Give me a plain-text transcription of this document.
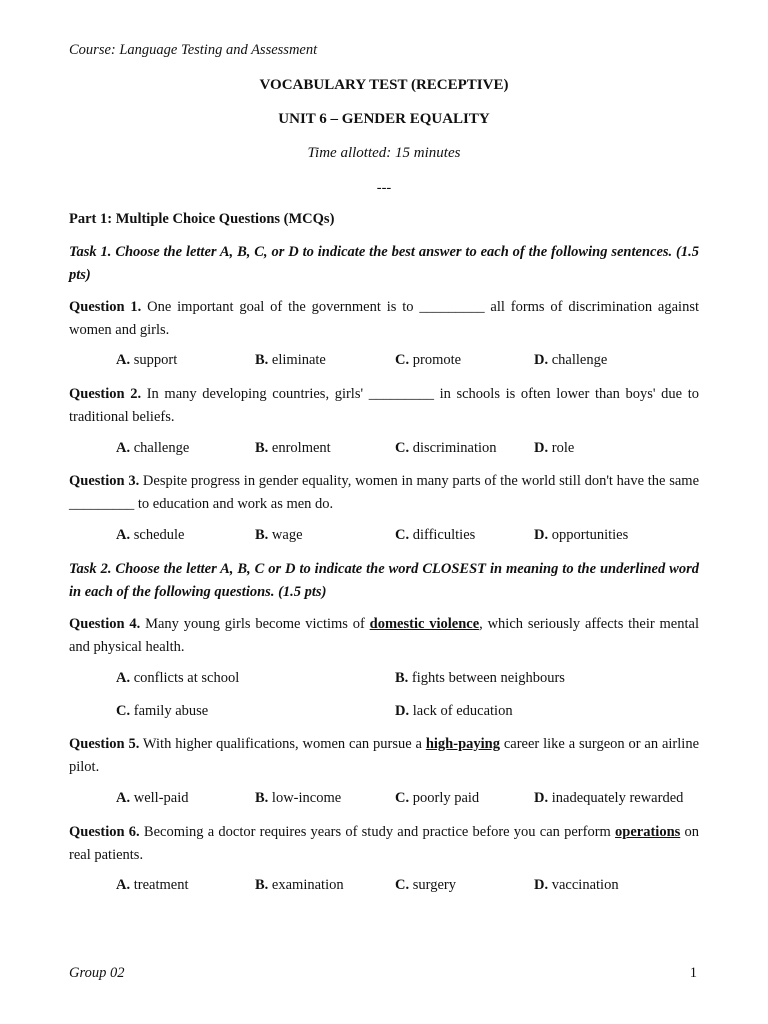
Course: Language Testing and Assessment
VOCABULARY TEST (RECEPTIVE)
UNIT 6 – GENDER EQUALITY
Time allotted: 15 minutes
---
Part 1: Multiple Choice Questions (MCQs)
Task 1. Choose the letter A, B, C, or D to indicate the best answer to each of the following sentences. (1.5 pts)
Question 1. One important goal of the government is to _________ all forms of discrimination against women and girls.
A. support	B. eliminate	C. promote	D. challenge
Question 2. In many developing countries, girls' _________ in schools is often lower than boys' due to traditional beliefs.
A. challenge	B. enrolment	C. discrimination	D. role
Question 3. Despite progress in gender equality, women in many parts of the world still don't have the same _________ to education and work as men do.
A. schedule	B. wage	C. difficulties	D. opportunities
Task 2. Choose the letter A, B, C or D to indicate the word CLOSEST in meaning to the underlined word in each of the following questions. (1.5 pts)
Question 4. Many young girls become victims of domestic violence, which seriously affects their mental and physical health.
A. conflicts at school	B. fights between neighbours
C. family abuse	D. lack of education
Question 5. With higher qualifications, women can pursue a high-paying career like a surgeon or an airline pilot.
A. well-paid	B. low-income	C. poorly paid	D. inadequately rewarded
Question 6. Becoming a doctor requires years of study and practice before you can perform operations on real patients.
A. treatment	B. examination	C. surgery	D. vaccination
Group 02	1
